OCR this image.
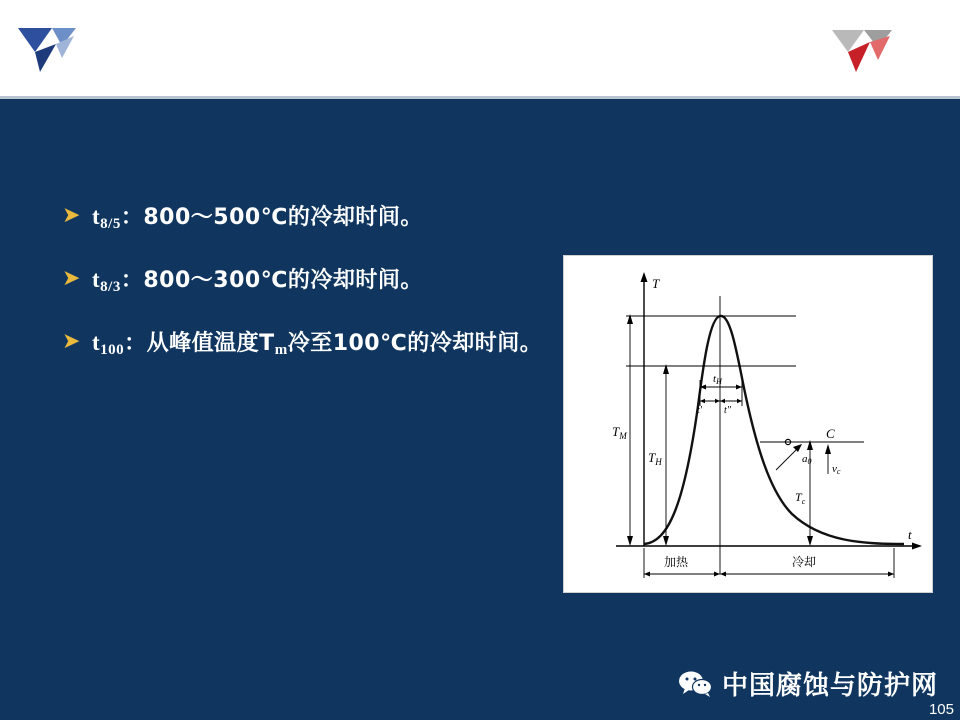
➤ $t_{8/5}$：800～500℃的冷却时间。
➤ $t_{8/3}$：800～300℃的冷却时间。
➤ $t_{100}$：从峰值温度$T_m$冷至100℃的冷却时间。
T
t
tH
t' t"
$T_M$
$T_H$
$T_c$
C
a0
vc
加热	冷却
中国腐蚀与防护网
105
